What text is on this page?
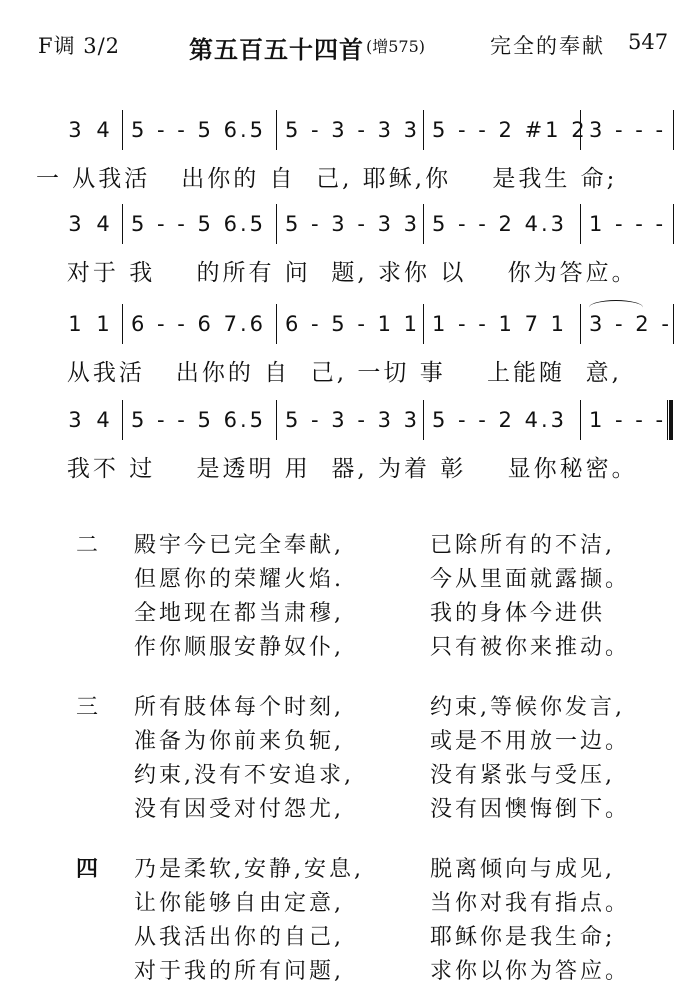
F调 3/2	第五百五十四首 (增575)	完全的奉献 547
3 4 5 - - 5 6.5 5 - 3 - 3 3 5 - - 2 #1 2 3 - - -
一 从我活   出你的 自  己, 耶稣,你    是我生 命;
3 4 5 - - 5 6.5 5 - 3 - 3 3 5 - - 2 4.3	1 - - -
对于 我    的所有 问  题, 求你 以    你为答应。
1 1 6 - - 6 7.6 6 - 5 - 1 1 1 - - 1 7 1	3 - 2 -
从我活   出你的 自  己, 一切 事    上能随  意,
3 4 5 - - 5 6.5 5 - 3 - 3 3 5 - - 2 4.3	1 - - -
我不 过    是透明 用  器, 为着 彰    显你秘密。
二 殿宇今已完全奉献,	已除所有的不洁,
但愿你的荣耀火焰.	今从里面就露撷。
全地现在都当肃穆,	我的身体今进供
作你顺服安静奴仆,	只有被你来推动。
三 所有肢体每个时刻,	约束,等候你发言,
准备为你前来负轭,	或是不用放一边。
约束,没有不安追求,	没有紧张与受压,
没有因受对付怨尤,	没有因懊悔倒下。
四 乃是柔软,安静,安息,	脱离倾向与成见,
让你能够自由定意,	当你对我有指点。
从我活出你的自己,	耶稣你是我生命;
对于我的所有问题,	求你以你为答应。
